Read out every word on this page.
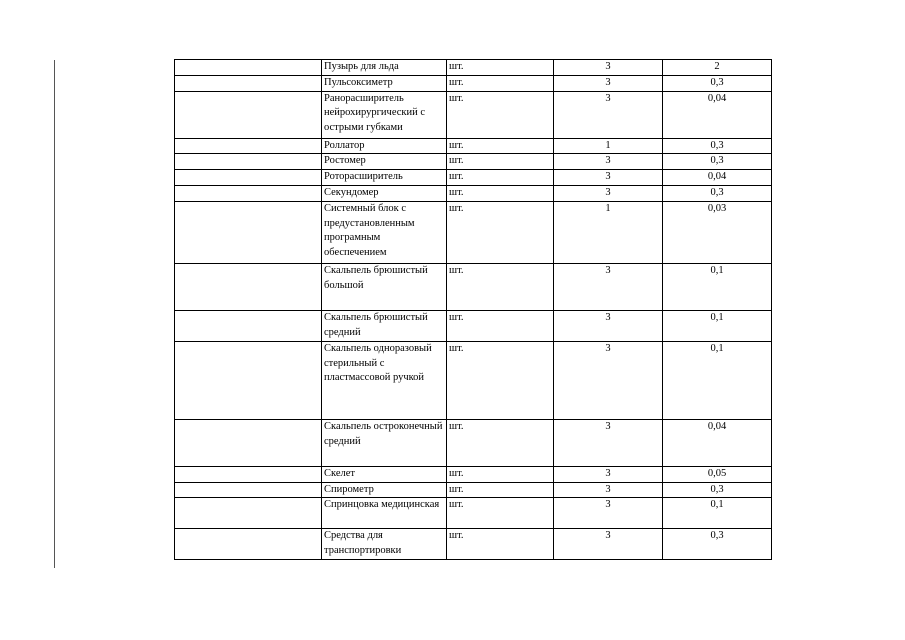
	Пузырь для льда	шт.	3	2
	Пульсоксиметр	шт.	3	0,3
	Ранорасширитель нейрохирургический с острыми губками	шт.	3	0,04
	Роллатор	шт.	1	0,3
	Ростомер	шт.	3	0,3
	Роторасширитель	шт.	3	0,04
	Секундомер	шт.	3	0,3
	Системный блок с предустановленным програмным обеспечением	шт.	1	0,03
	Скальпель брюшистый большой	шт.	3	0,1
	Скальпель брюшистый средний	шт.	3	0,1
	Скальпель одноразовый стерильный с пластмассовой ручкой	шт.	3	0,1
	Скальпель остроконечный средний	шт.	3	0,04
	Скелет	шт.	3	0,05
	Спирометр	шт.	3	0,3
	Спринцовка медицинская	шт.	3	0,1
	Средства для транспортировки	шт.	3	0,3
